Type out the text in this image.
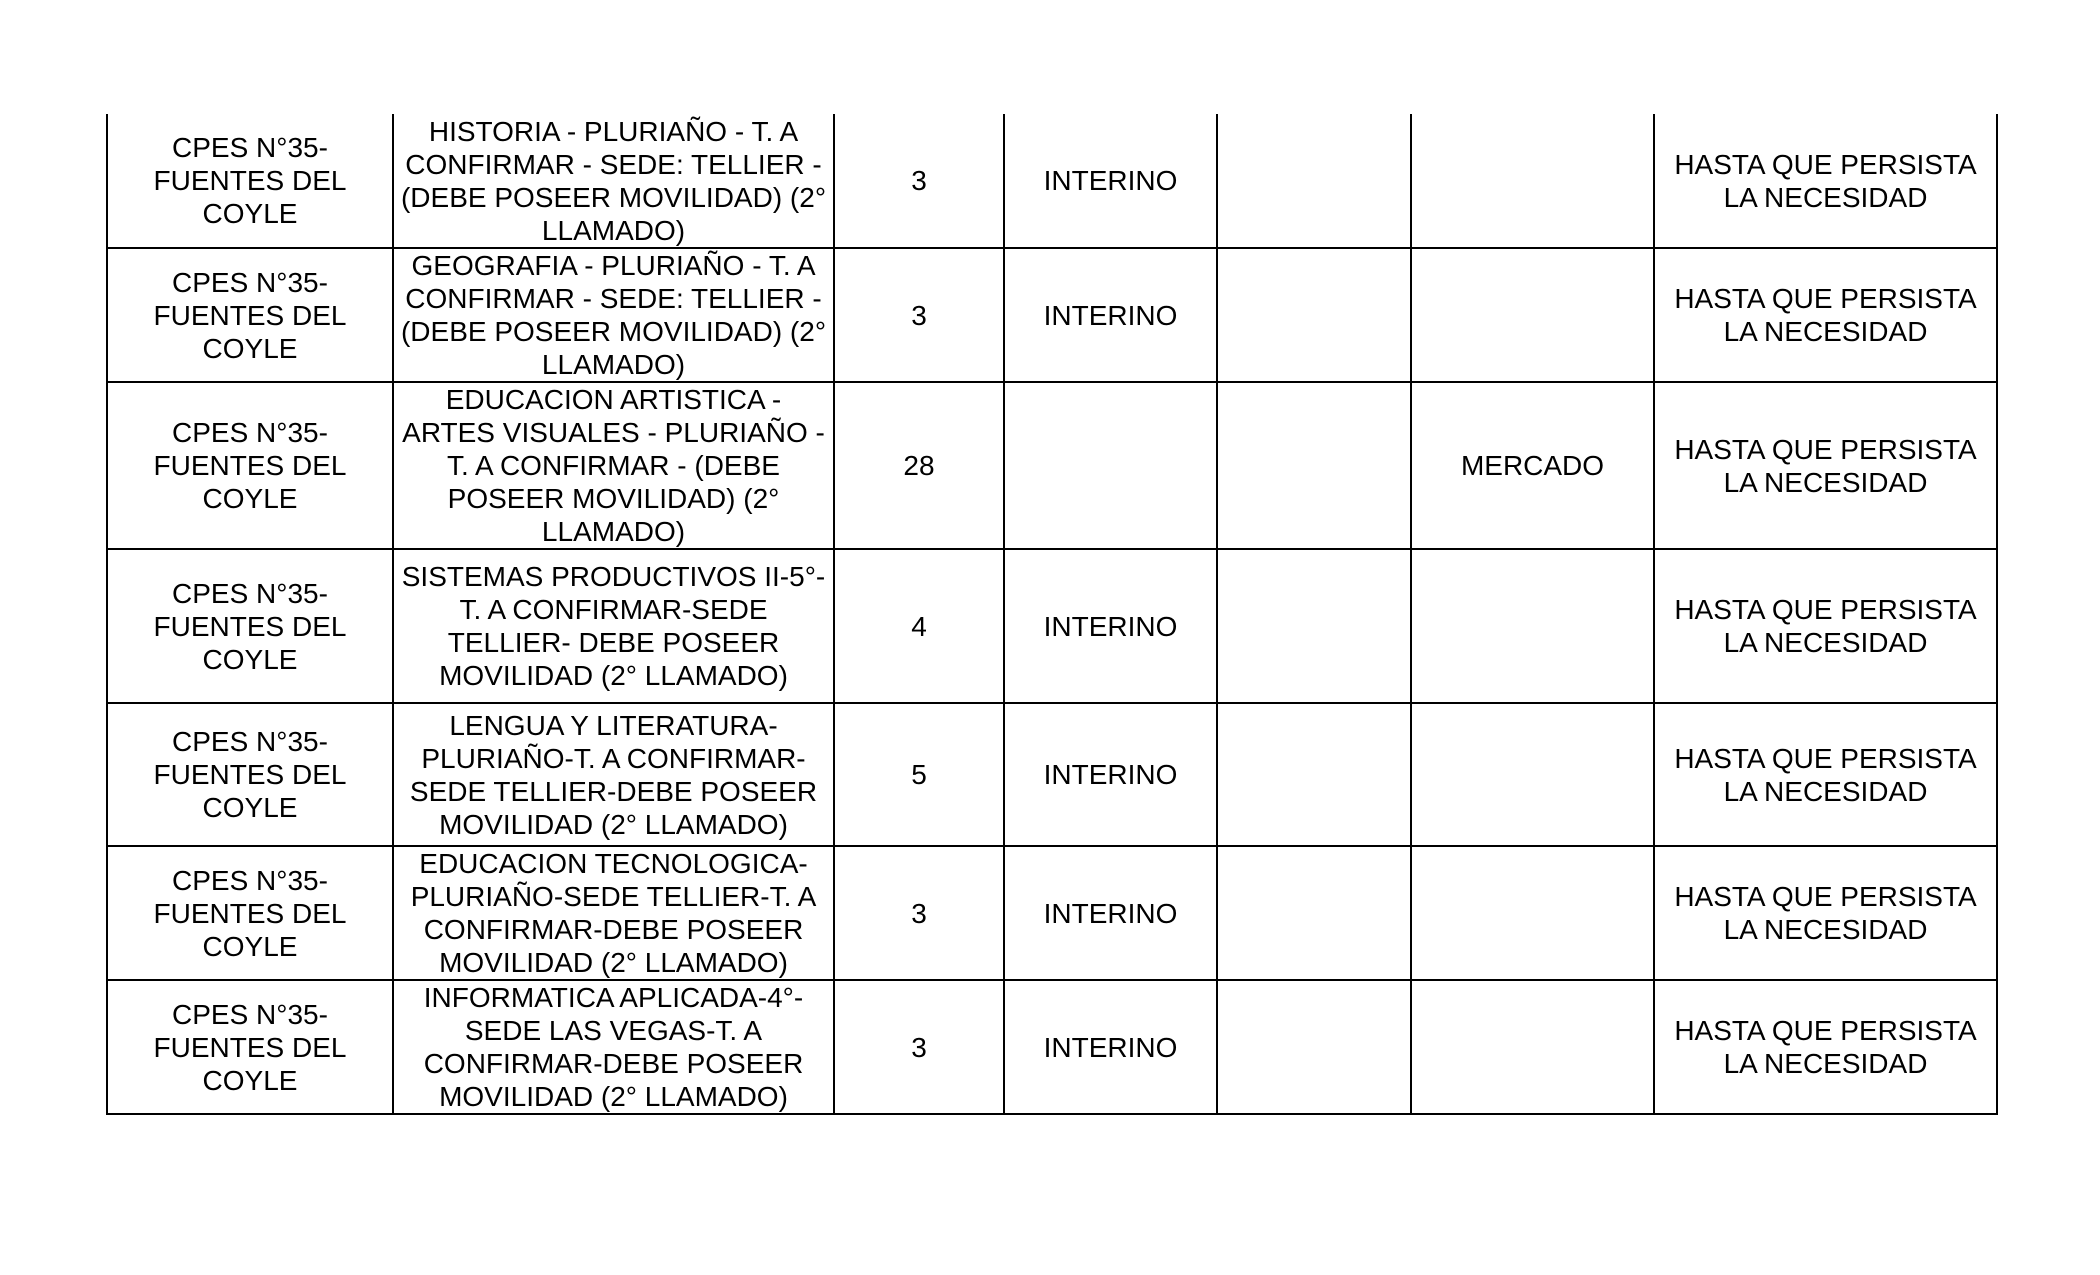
CPES N°35- FUENTES DEL COYLE	HISTORIA - PLURIAÑO - T. A CONFIRMAR - SEDE: TELLIER - (DEBE POSEER MOVILIDAD) (2° LLAMADO)	3	INTERINO			HASTA QUE PERSISTA LA NECESIDAD
CPES N°35- FUENTES DEL COYLE	GEOGRAFIA - PLURIAÑO - T. A CONFIRMAR - SEDE: TELLIER - (DEBE POSEER MOVILIDAD) (2° LLAMADO)	3	INTERINO			HASTA QUE PERSISTA LA NECESIDAD
CPES N°35- FUENTES DEL COYLE	EDUCACION ARTISTICA - ARTES VISUALES - PLURIAÑO - T. A CONFIRMAR - (DEBE POSEER MOVILIDAD) (2° LLAMADO)	28			MERCADO	HASTA QUE PERSISTA LA NECESIDAD
CPES N°35- FUENTES DEL COYLE	SISTEMAS PRODUCTIVOS II-5°- T. A CONFIRMAR-SEDE TELLIER- DEBE POSEER MOVILIDAD (2° LLAMADO)	4	INTERINO			HASTA QUE PERSISTA LA NECESIDAD
CPES N°35- FUENTES DEL COYLE	LENGUA Y LITERATURA- PLURIAÑO-T. A CONFIRMAR- SEDE TELLIER-DEBE POSEER MOVILIDAD (2° LLAMADO)	5	INTERINO			HASTA QUE PERSISTA LA NECESIDAD
CPES N°35- FUENTES DEL COYLE	EDUCACION TECNOLOGICA- PLURIAÑO-SEDE TELLIER-T. A CONFIRMAR-DEBE POSEER MOVILIDAD (2° LLAMADO)	3	INTERINO			HASTA QUE PERSISTA LA NECESIDAD
CPES N°35- FUENTES DEL COYLE	INFORMATICA APLICADA-4°- SEDE LAS VEGAS-T. A CONFIRMAR-DEBE POSEER MOVILIDAD (2° LLAMADO)	3	INTERINO			HASTA QUE PERSISTA LA NECESIDAD
